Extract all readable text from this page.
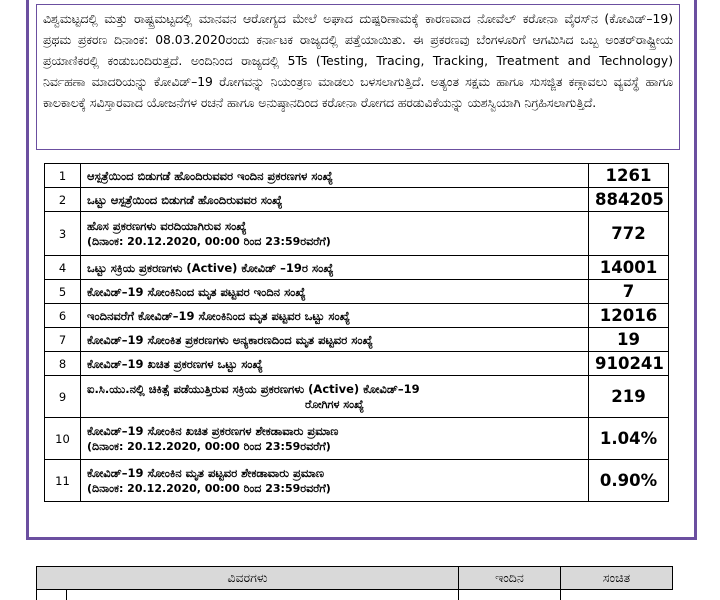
ವಿಶ್ವಮಟ್ಟದಲ್ಲಿ ಮತ್ತು ರಾಷ್ಟ್ರಮಟ್ಟದಲ್ಲಿ ಮಾನವನ ಆರೋಗ್ಯದ ಮೇಲೆ ಅಘಾದ ದುಷ್ಪರಿಣಾಮಕ್ಕೆ ಕಾರಣವಾದ ನೋವೆಲ್ ಕರೋನಾ ವೈರಸ್‌ನ (ಕೋವಿಡ್–19) ಪ್ರಥಮ ಪ್ರಕರಣ ದಿನಾಂಕ: 08.03.2020ರಂದು ಕರ್ನಾಟಕ ರಾಜ್ಯದಲ್ಲಿ ಪತ್ತೆಯಾಯಿತು. ಈ ಪ್ರಕರಣವು ಬೆಂಗಳೂರಿಗೆ ಆಗಮಿಸಿದ ಒಬ್ಬ ಅಂತರ್‌ರಾಷ್ಟ್ರೀಯ ಪ್ರಯಾಣಿಕರಲ್ಲಿ ಕಂಡುಬಂದಿರುತ್ತದೆ. ಅಂದಿನಿಂದ ರಾಜ್ಯದಲ್ಲಿ 5Ts (Testing, Tracing, Tracking, Treatment and Technology) ನಿರ್ವಹಣಾ ಮಾದರಿಯನ್ನು ಕೋವಿಡ್–19 ರೋಗವನ್ನು ನಿಯಂತ್ರಣ ಮಾಡಲು ಬಳಸಲಾಗುತ್ತಿದೆ. ಅತ್ಯಂತ ಸಕ್ಷಮ ಹಾಗೂ ಸುಸಜ್ಜಿತ ಕಣ್ಗಾವಲು ವ್ಯವಸ್ಥೆ ಹಾಗೂ ಕಾಲಕಾಲಕ್ಕೆ ಸವಿಸ್ತಾರವಾದ ಯೋಜನೆಗಳ ರಚನೆ ಹಾಗೂ ಅನುಷ್ಠಾನದಿಂದ ಕರೋನಾ ರೋಗದ ಹರಡುವಿಕೆಯನ್ನು ಯಶಸ್ವಿಯಾಗಿ ನಿಗ್ರಹಿಸಲಾಗುತ್ತಿದೆ.
1	ಆಸ್ಪತ್ರೆಯಿಂದ ಬಿಡುಗಡೆ ಹೊಂದಿರುವವರ ಇಂದಿನ ಪ್ರಕರಣಗಳ ಸಂಖ್ಯೆ	1261
2	ಒಟ್ಟು ಆಸ್ಪತ್ರೆಯಿಂದ ಬಿಡುಗಡೆ ಹೊಂದಿರುವವರ ಸಂಖ್ಯೆ	884205
3	ಹೊಸ ಪ್ರಕರಣಗಳು ವರದಿಯಾಗಿರುವ ಸಂಖ್ಯೆ
(ದಿನಾಂಕ: 20.12.2020, 00:00 ರಿಂದ 23:59ರವರೆಗೆ)	772
4	ಒಟ್ಟು ಸಕ್ರಿಯ ಪ್ರಕರಣಗಳು (Active) ಕೋವಿಡ್ –19ರ ಸಂಖ್ಯೆ	14001
5	ಕೋವಿಡ್–19 ಸೋಂಕಿನಿಂದ ಮೃತ ಪಟ್ಟವರ ಇಂದಿನ ಸಂಖ್ಯೆ	7
6	ಇಂದಿನವರೆಗೆ ಕೋವಿಡ್–19 ಸೋಂಕಿನಿಂದ ಮೃತ ಪಟ್ಟವರ ಒಟ್ಟು ಸಂಖ್ಯೆ	12016
7	ಕೋವಿಡ್–19 ಸೋಂಕಿತ ಪ್ರಕರಣಗಳು ಅನ್ಯಕಾರಣದಿಂದ ಮೃತ ಪಟ್ಟವರ ಸಂಖ್ಯೆ	19
8	ಕೋವಿಡ್–19 ಖಚಿತ ಪ್ರಕರಣಗಳ ಒಟ್ಟು ಸಂಖ್ಯೆ	910241
9	ಐ.ಸಿ.ಯು.ನಲ್ಲಿ ಚಿಕಿತ್ಸೆ ಪಡೆಯುತ್ತಿರುವ ಸಕ್ರಿಯ ಪ್ರಕರಣಗಳು (Active) ಕೋವಿಡ್–19
ರೋಗಿಗಳ ಸಂಖ್ಯೆ	219
10	ಕೋವಿಡ್–19 ಸೋಂಕಿನ ಖಚಿತ ಪ್ರಕರಣಗಳ ಶೇಕಡಾವಾರು ಪ್ರಮಾಣ
(ದಿನಾಂಕ: 20.12.2020, 00:00 ರಿಂದ 23:59ರವರೆಗೆ)	1.04%
11	ಕೋವಿಡ್–19 ಸೋಂಕಿನ ಮೃತ ಪಟ್ಟವರ ಶೇಕಡಾವಾರು ಪ್ರಮಾಣ
(ದಿನಾಂಕ: 20.12.2020, 00:00 ರಿಂದ 23:59ರವರೆಗೆ)	0.90%
ವಿವರಗಳು	ಇಂದಿನ	ಸಂಚಿತ
